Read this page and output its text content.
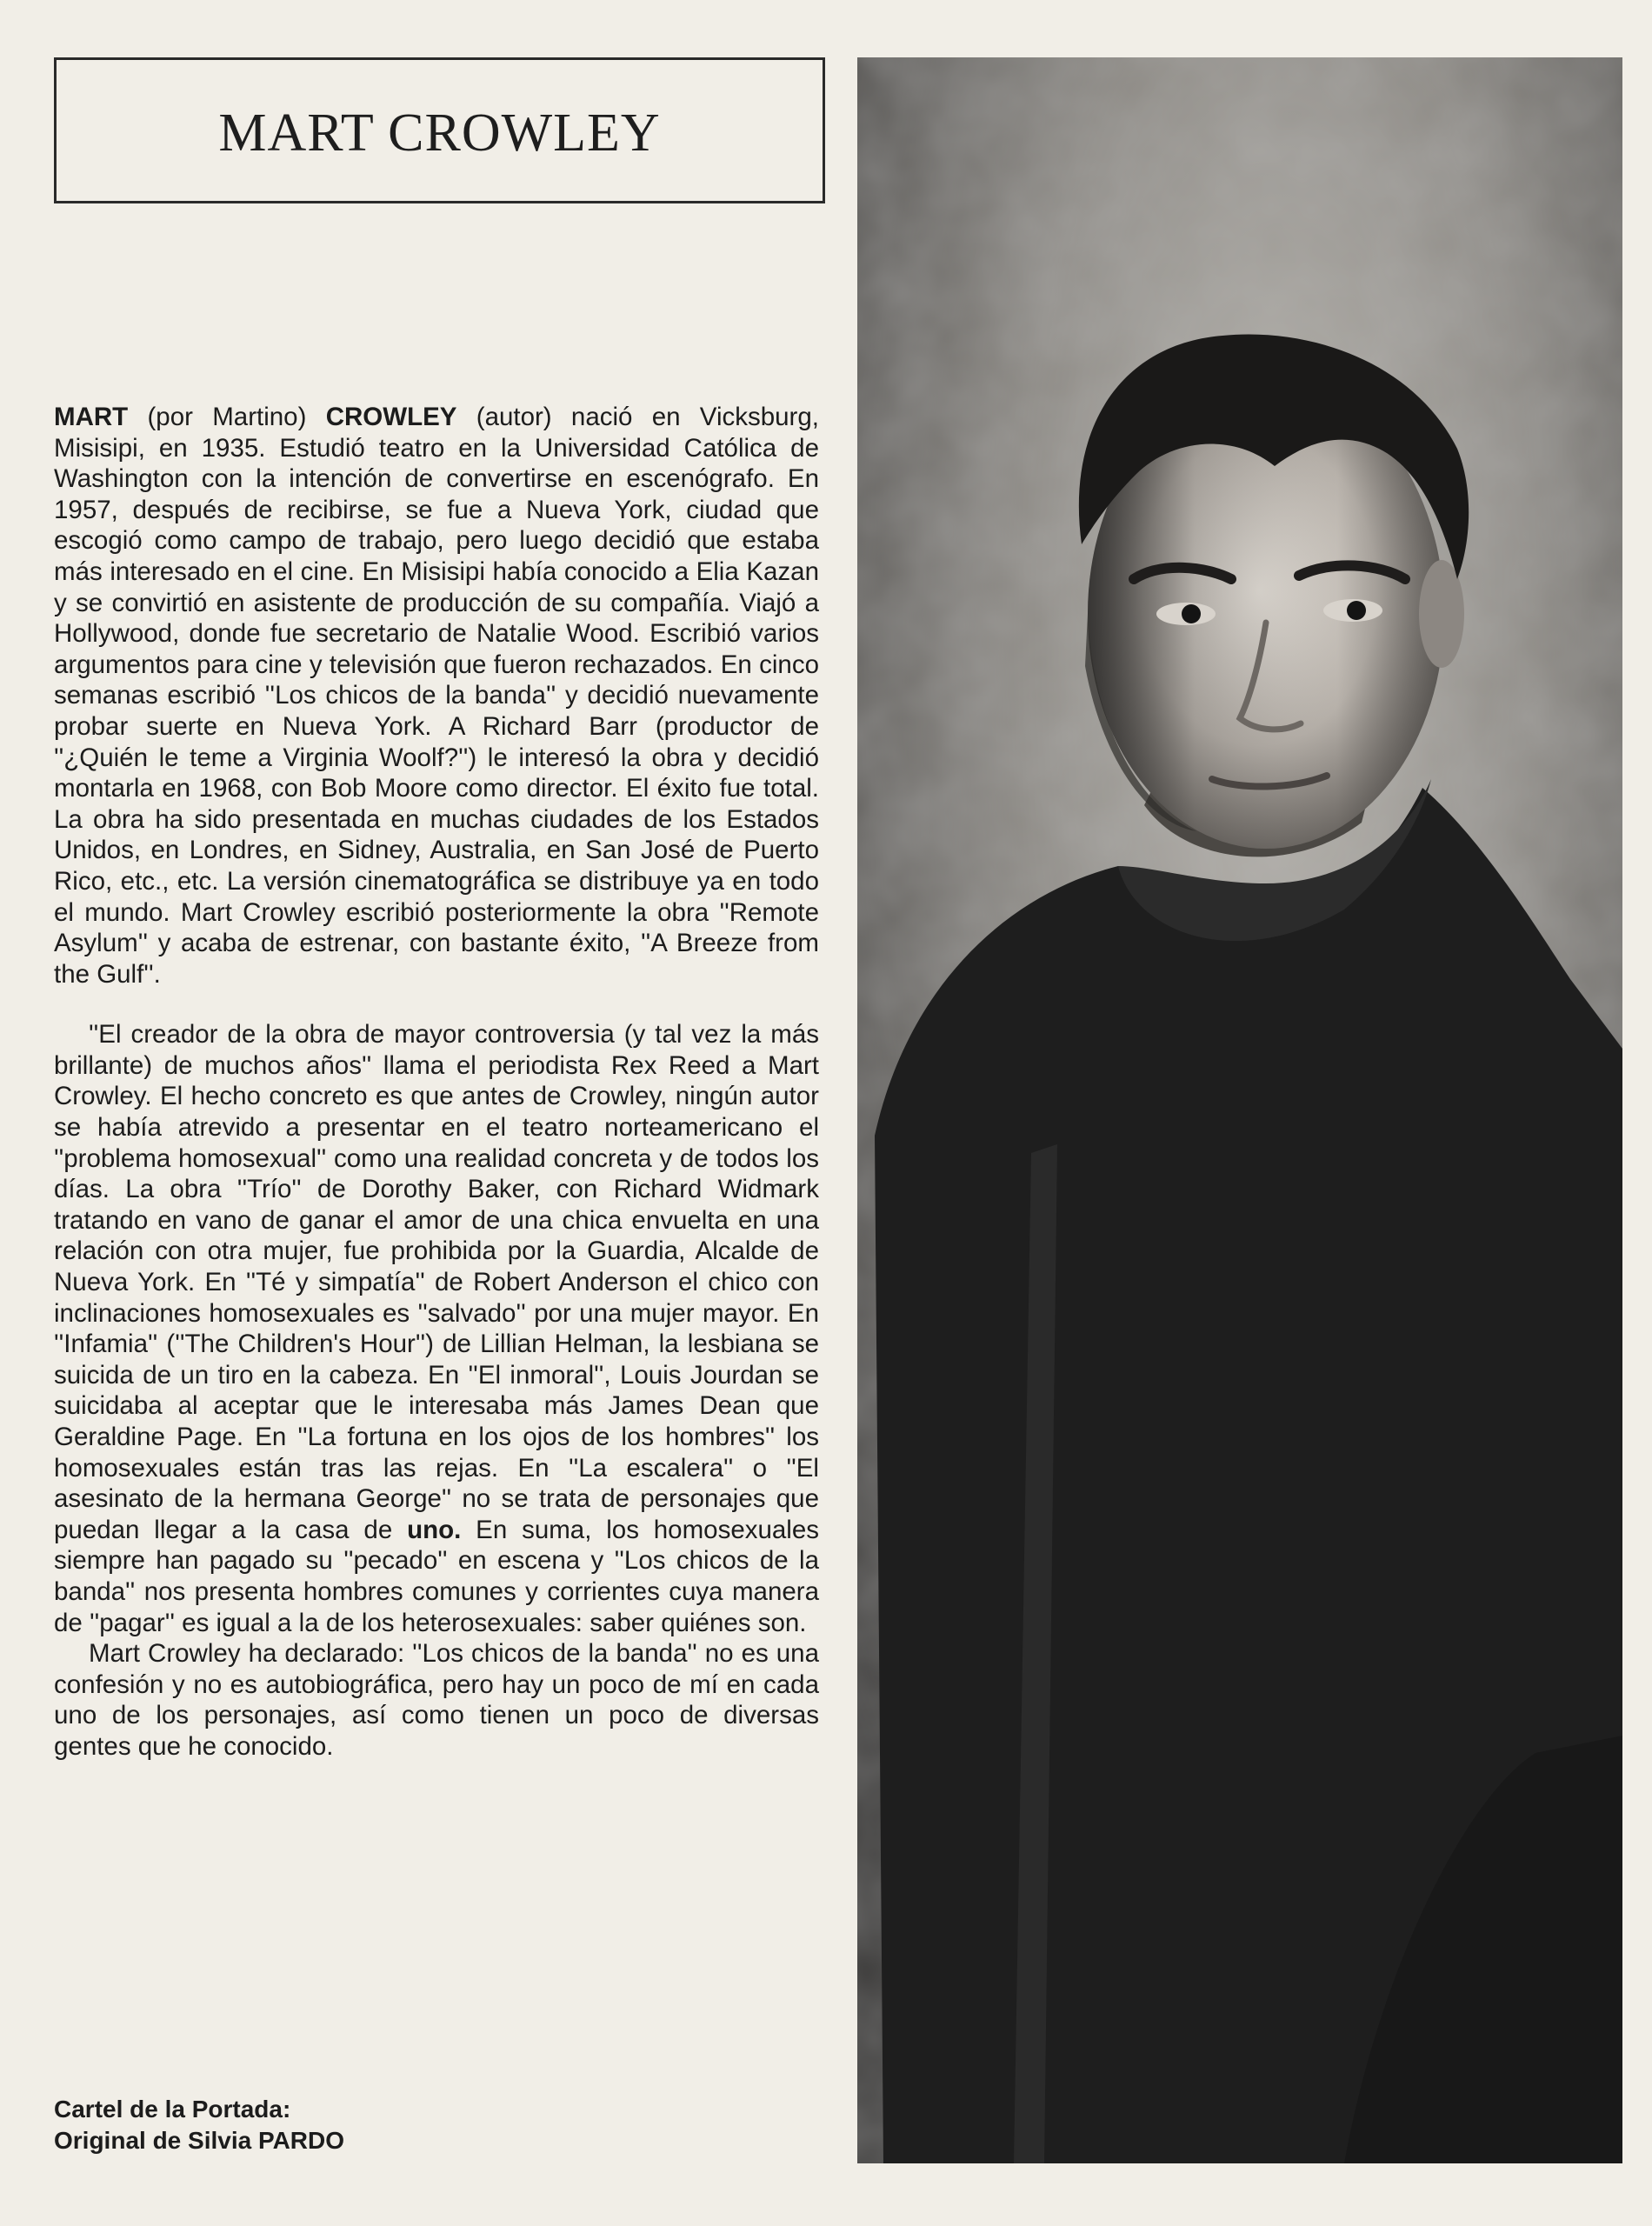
MART CROWLEY

MART (por Martino) CROWLEY (autor) nació en Vicksburg, Misisipi, en 1935. Estudió teatro en la Universidad Católica de Washington con la intención de convertirse en escenógrafo. En 1957, después de recibirse, se fue a Nueva York, ciudad que escogió como campo de trabajo, pero luego decidió que estaba más interesado en el cine. En Misisipi había conocido a Elia Kazan y se convirtió en asistente de producción de su compañía. Viajó a Hollywood, donde fue secretario de Natalie Wood. Escribió varios argumentos para cine y televisión que fueron rechazados. En cinco semanas escribió ''Los chicos de la banda'' y decidió nuevamente probar suerte en Nueva York. A Richard Barr (productor de ''¿Quién le teme a Virginia Woolf?'') le interesó la obra y decidió montarla en 1968, con Bob Moore como director. El éxito fue total. La obra ha sido presentada en muchas ciudades de los Estados Unidos, en Londres, en Sidney, Australia, en San José de Puerto Rico, etc., etc. La versión cinematográfica se distribuye ya en todo el mundo. Mart Crowley escribió posteriormente la obra ''Remote Asylum'' y acaba de estrenar, con bastante éxito, ''A Breeze from the Gulf''.

''El creador de la obra de mayor controversia (y tal vez la más brillante) de muchos años'' llama el periodista Rex Reed a Mart Crowley. El hecho concreto es que antes de Crowley, ningún autor se había atrevido a presentar en el teatro norteamericano el ''problema homosexual'' como una realidad concreta y de todos los días. La obra ''Trío'' de Dorothy Baker, con Richard Widmark tratando en vano de ganar el amor de una chica envuelta en una relación con otra mujer, fue prohibida por la Guardia, Alcalde de Nueva York. En ''Té y simpatía'' de Robert Anderson el chico con inclinaciones homosexuales es ''salvado'' por una mujer mayor. En ''Infamia'' (''The Children's Hour'') de Lillian Helman, la lesbiana se suicida de un tiro en la cabeza. En ''El inmoral'', Louis Jourdan se suicidaba al aceptar que le interesaba más James Dean que Geraldine Page. En ''La fortuna en los ojos de los hombres'' los homosexuales están tras las rejas. En ''La escalera'' o ''El asesinato de la hermana George'' no se trata de personajes que puedan llegar a la casa de uno. En suma, los homosexuales siempre han pagado su ''pecado'' en escena y ''Los chicos de la banda'' nos presenta hombres comunes y corrientes cuya manera de ''pagar'' es igual a la de los heterosexuales: saber quiénes son.

Mart Crowley ha declarado: ''Los chicos de la banda'' no es una confesión y no es autobiográfica, pero hay un poco de mí en cada uno de los personajes, así como tienen un poco de diversas gentes que he conocido.

Cartel de la Portada:
Original de Silvia PARDO
